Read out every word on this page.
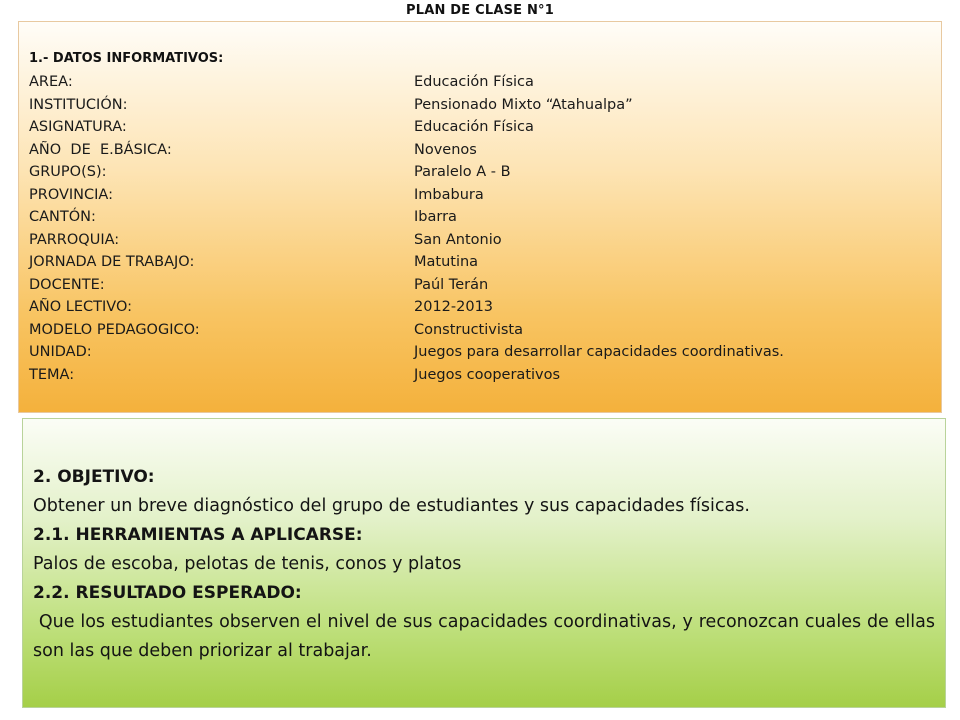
PLAN DE CLASE N°1
1.- DATOS INFORMATIVOS:
AREA:	Educación Física
INSTITUCIÓN:	Pensionado Mixto “Atahualpa”
ASIGNATURA:	Educación Física
AÑO  DE  E.BÁSICA:	Novenos
GRUPO(S):	Paralelo A - B
PROVINCIA:	Imbabura
CANTÓN:	Ibarra
PARROQUIA:	San Antonio
JORNADA DE TRABAJO:	Matutina
DOCENTE:	Paúl Terán
AÑO LECTIVO:	2012-2013
MODELO PEDAGOGICO:	Constructivista
UNIDAD:	Juegos para desarrollar capacidades coordinativas.
TEMA:	Juegos cooperativos
2. OBJETIVO:
Obtener un breve diagnóstico del grupo de estudiantes y sus capacidades físicas.
2.1. HERRAMIENTAS A APLICARSE:
Palos de escoba, pelotas de tenis, conos y platos
2.2. RESULTADO ESPERADO:
Que los estudiantes observen el nivel de sus capacidades coordinativas, y reconozcan cuales de ellas son las que deben priorizar al trabajar.
